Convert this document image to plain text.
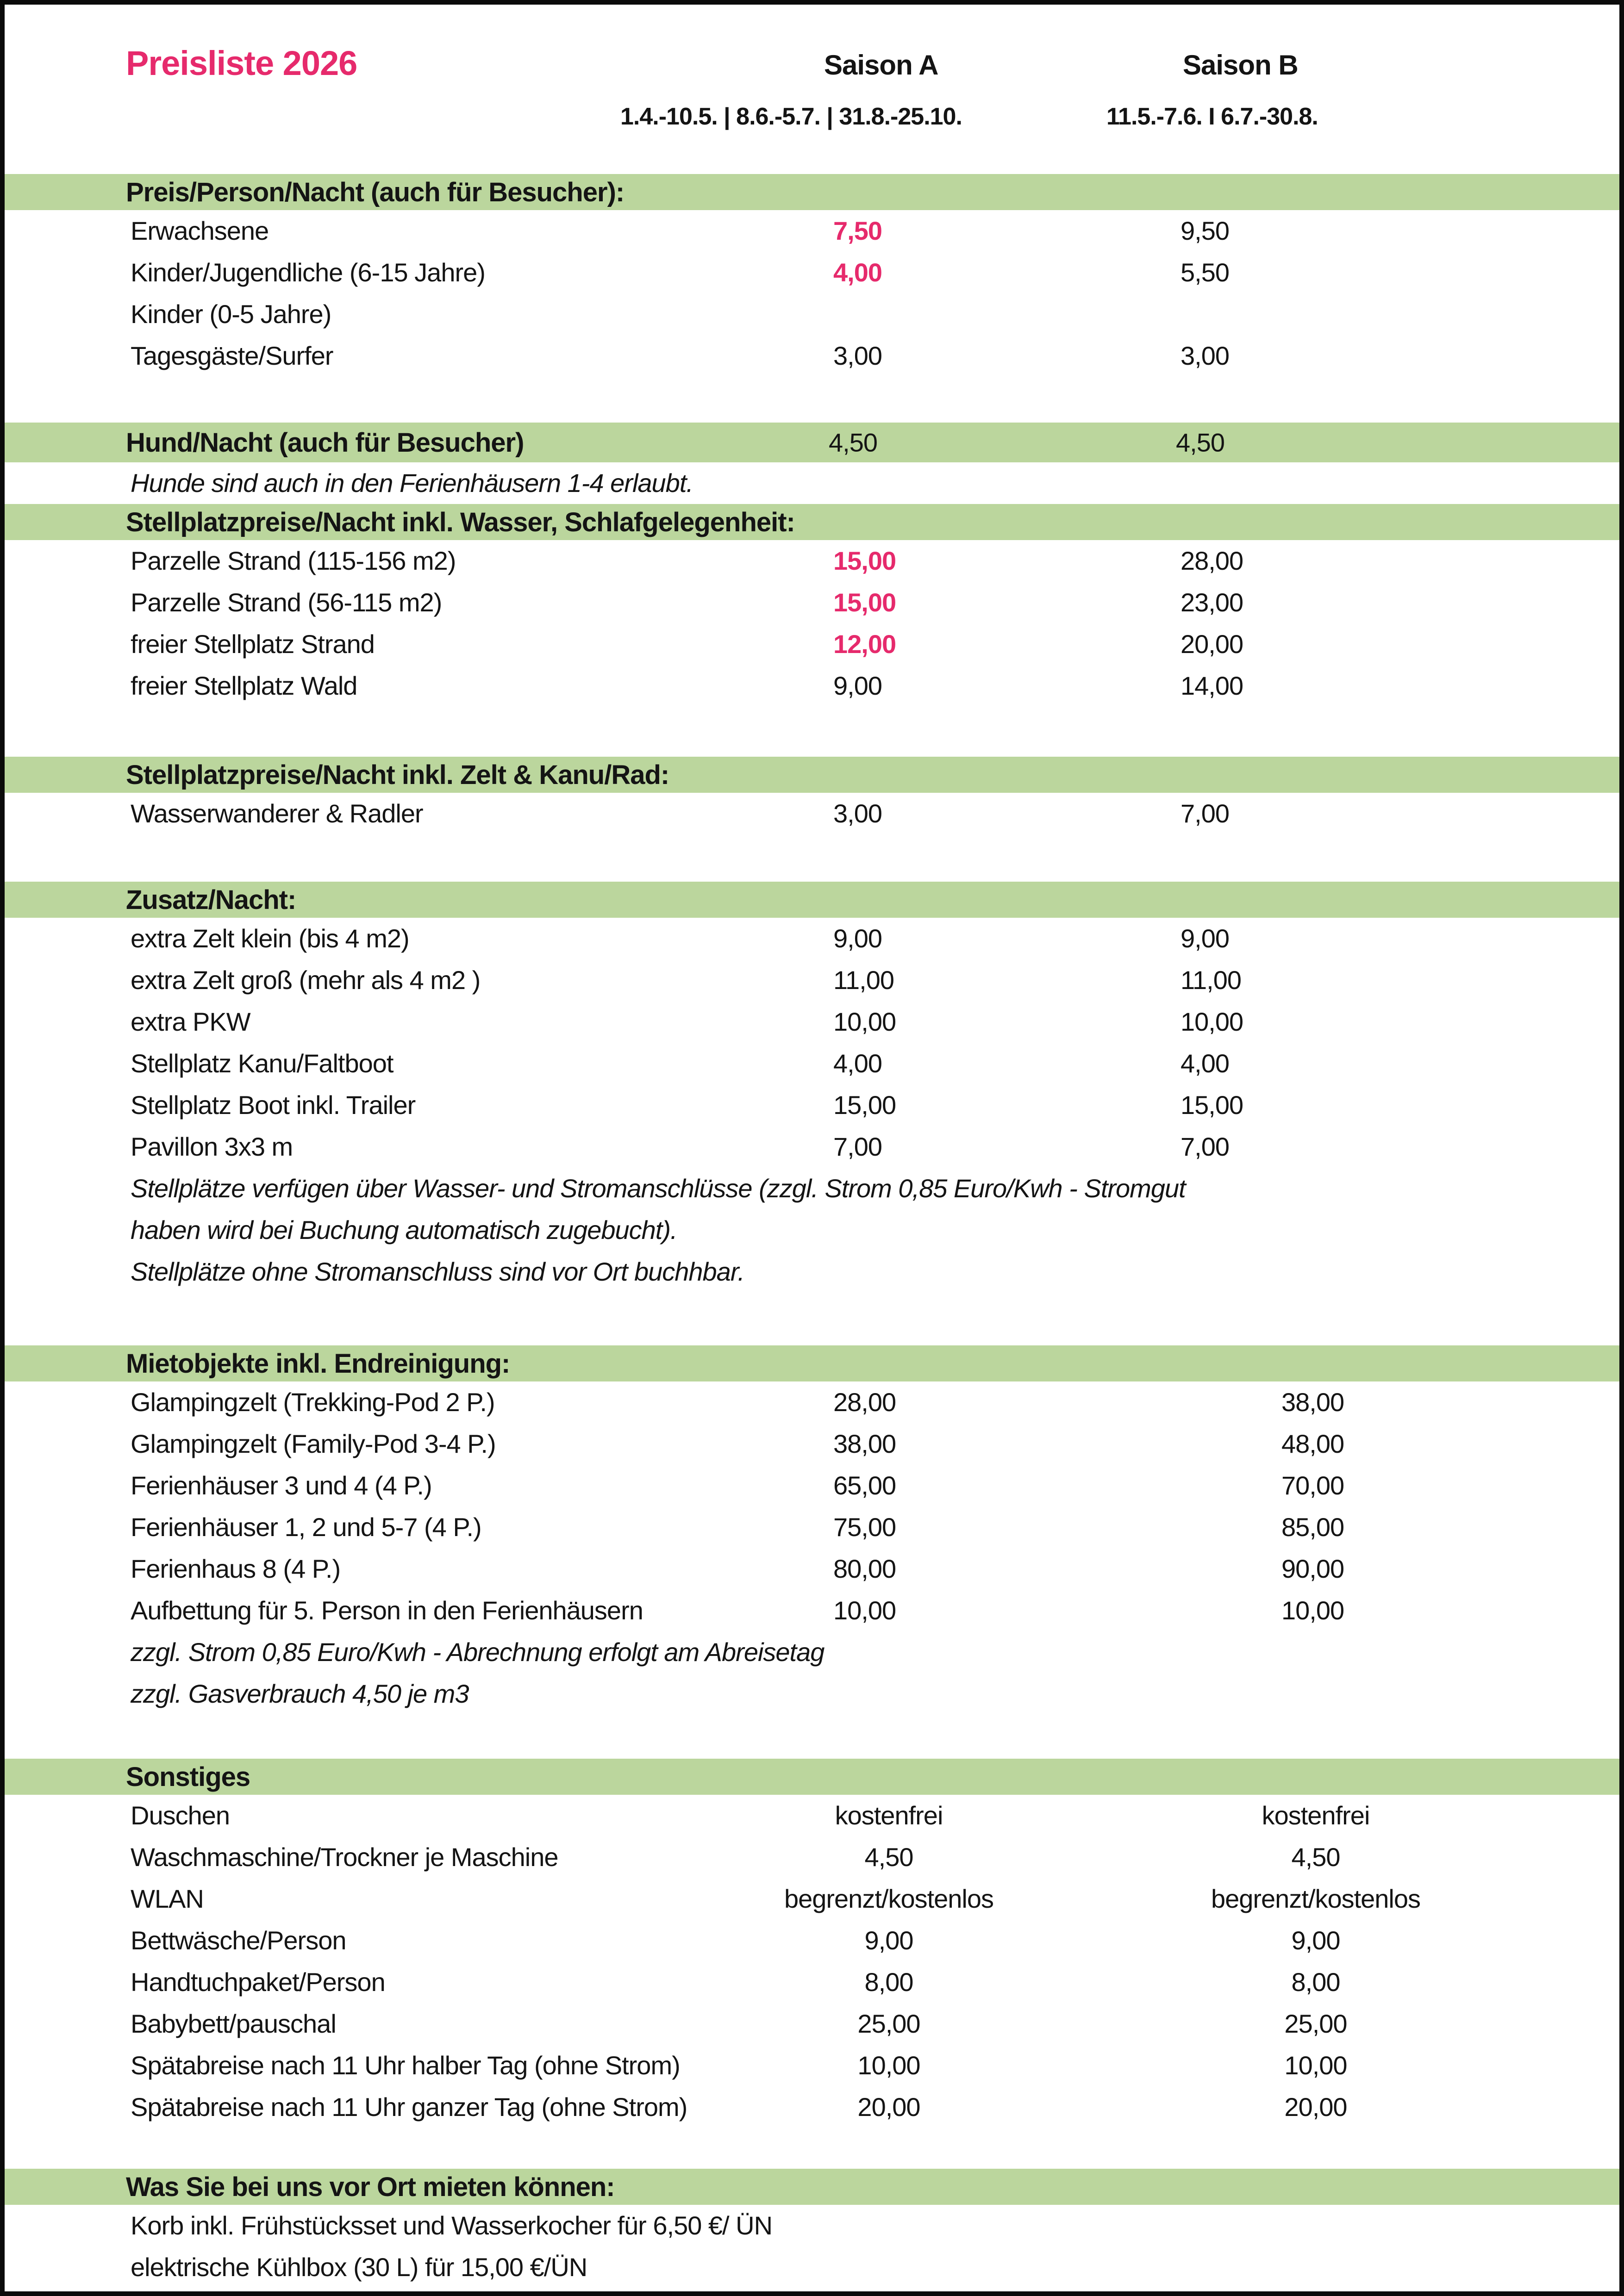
Preisliste 2026	Saison A	Saison B
1.4.-10.5. | 8.6.-5.7. | 31.8.-25.10.	11.5.-7.6. I 6.7.-30.8.
Preis/Person/Nacht (auch für Besucher):
Erwachsene	7,50	9,50
Kinder/Jugendliche (6-15 Jahre)	4,00	5,50
Kinder (0-5 Jahre)
Tagesgäste/Surfer	3,00	3,00
Hund/Nacht (auch für Besucher)	4,50	4,50
Hunde sind auch in den Ferienhäusern 1-4 erlaubt.
Stellplatzpreise/Nacht inkl. Wasser, Schlafgelegenheit:
Parzelle Strand (115-156 m2)	15,00	28,00
Parzelle Strand (56-115 m2)	15,00	23,00
freier Stellplatz Strand	12,00	20,00
freier Stellplatz Wald	9,00	14,00
Stellplatzpreise/Nacht inkl. Zelt & Kanu/Rad:
Wasserwanderer & Radler	3,00	7,00
Zusatz/Nacht:
extra Zelt klein (bis 4 m2)	9,00	9,00
extra Zelt groß (mehr als 4 m2 )	11,00	11,00
extra PKW	10,00	10,00
Stellplatz Kanu/Faltboot	4,00	4,00
Stellplatz Boot inkl. Trailer	15,00	15,00
Pavillon 3x3 m	7,00	7,00
Stellplätze verfügen über Wasser- und Stromanschlüsse (zzgl. Strom 0,85 Euro/Kwh - Stromgut
haben wird bei Buchung automatisch zugebucht).
Stellplätze ohne Stromanschluss sind vor Ort buchhbar.
Mietobjekte inkl. Endreinigung:
Glampingzelt (Trekking-Pod 2 P.)	28,00	38,00
Glampingzelt (Family-Pod 3-4 P.)	38,00	48,00
Ferienhäuser 3 und 4 (4 P.)	65,00	70,00
Ferienhäuser 1, 2 und 5-7 (4 P.)	75,00	85,00
Ferienhaus 8 (4 P.)	80,00	90,00
Aufbettung für 5. Person in den Ferienhäusern	10,00	10,00
zzgl. Strom 0,85 Euro/Kwh - Abrechnung erfolgt am Abreisetag
zzgl. Gasverbrauch 4,50 je m3
Sonstiges
Duschen	kostenfrei	kostenfrei
Waschmaschine/Trockner je Maschine	4,50	4,50
WLAN	begrenzt/kostenlos	begrenzt/kostenlos
Bettwäsche/Person	9,00	9,00
Handtuchpaket/Person	8,00	8,00
Babybett/pauschal	25,00	25,00
Spätabreise nach 11 Uhr halber Tag (ohne Strom)	10,00	10,00
Spätabreise nach 11 Uhr ganzer Tag (ohne Strom)	20,00	20,00
Was Sie bei uns vor Ort mieten können:
Korb inkl. Frühstücksset und Wasserkocher für 6,50 €/ ÜN
elektrische Kühlbox (30 L) für 15,00 €/ÜN
